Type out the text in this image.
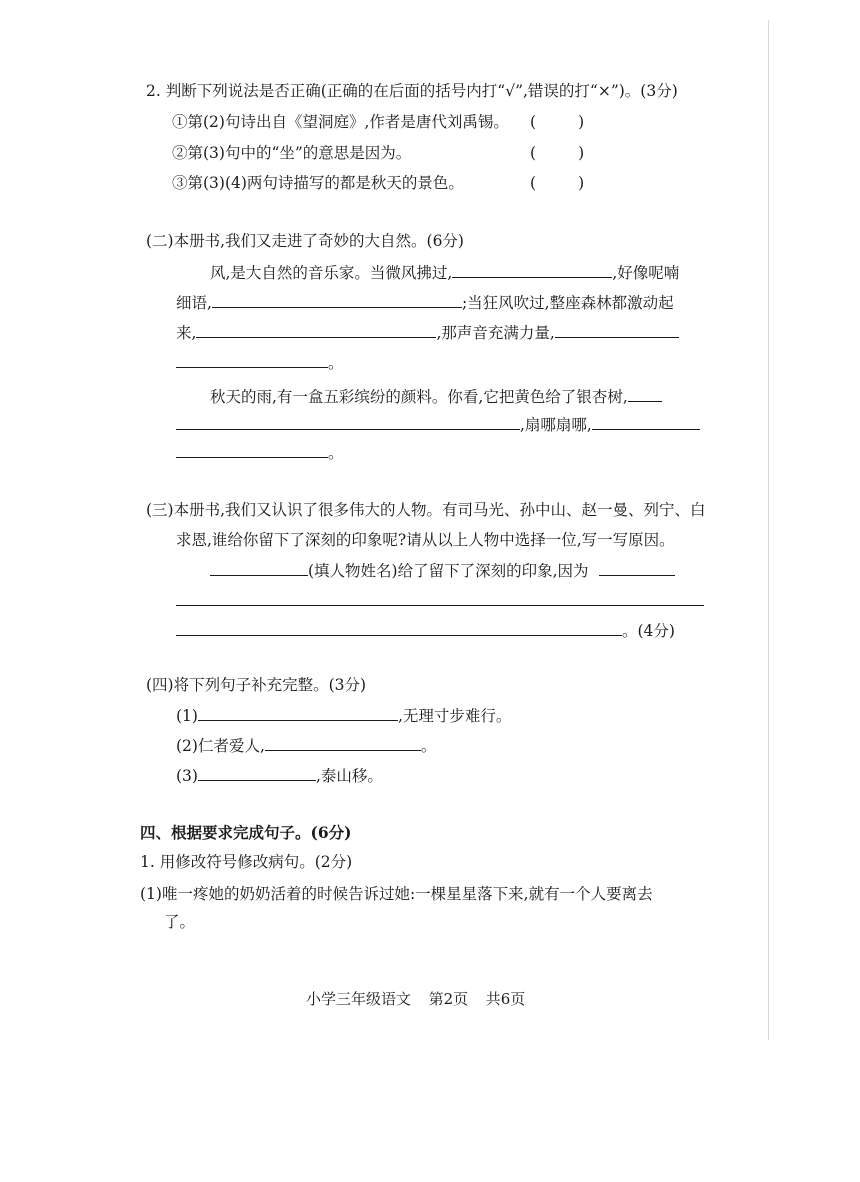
2. 判断下列说法是否正确(正确的在后面的括号内打“√”,错误的打“×”)。(3分)
①第(2)句诗出自《望洞庭》,作者是唐代刘禹锡。 (	)
②第(3)句中的“坐”的意思是因为。	(	)
③第(3)(4)两句诗描写的都是秋天的景色。	(	)
(二)本册书,我们又走进了奇妙的大自然。(6分)
风,是大自然的音乐家。当微风拂过,	,好像呢喃
细语,	;当狂风吹过,整座森林都激动起
来,	,那声音充满力量,
。
秋天的雨,有一盒五彩缤纷的颜料。你看,它把黄色给了银杏树,
,扇哪扇哪,
。
(三)本册书,我们又认识了很多伟大的人物。有司马光、孙中山、赵一曼、列宁、白
求恩,谁给你留下了深刻的印象呢?请从以上人物中选择一位,写一写原因。
(填人物姓名)给了留下了深刻的印象,因为
。(4分)
(四)将下列句子补充完整。(3分)
(1)	,无理寸步难行。
(2)仁者爱人,	。
(3)	,泰山移。
四、根据要求完成句子。(6分)
1. 用修改符号修改病句。(2分)
(1)唯一疼她的奶奶活着的时候告诉过她:一棵星星落下来,就有一个人要离去
了。
小学三年级语文 第2页 共6页
